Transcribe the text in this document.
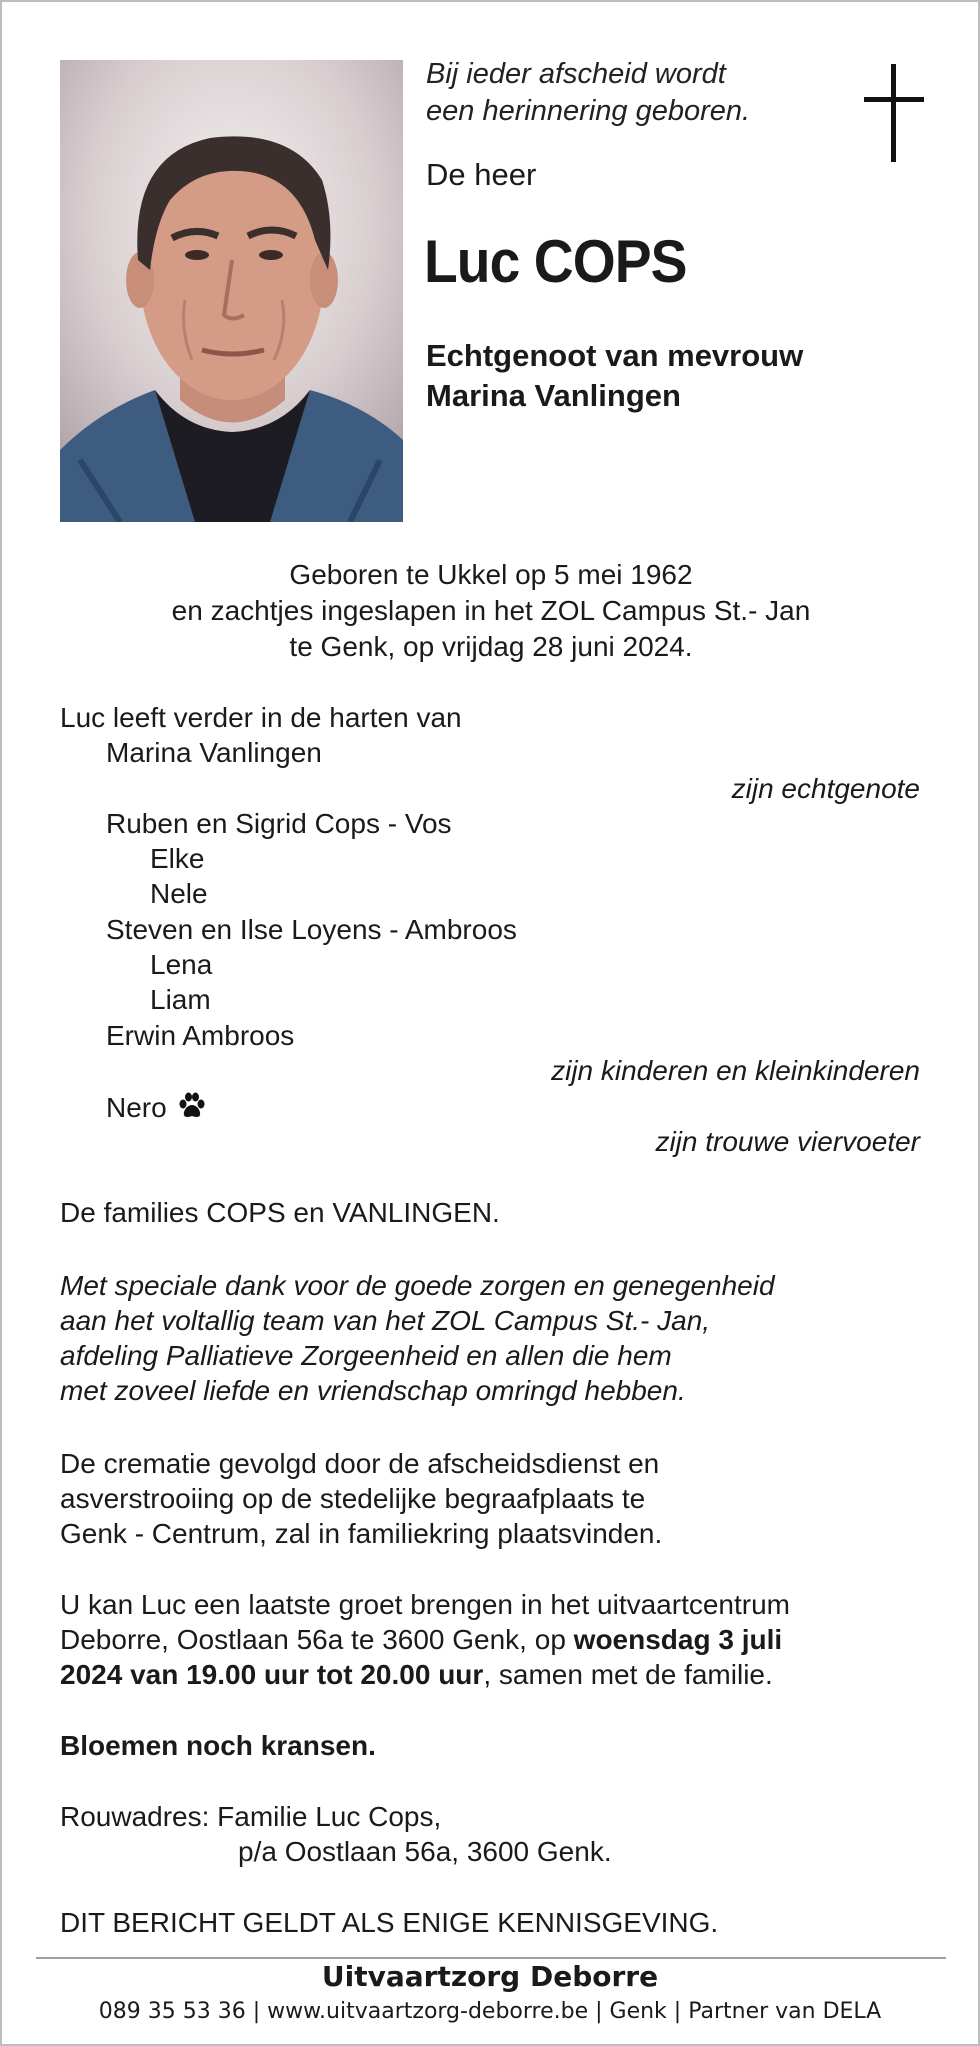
Bij ieder afscheid wordt
een herinnering geboren.
De heer
Luc COPS
Echtgenoot van mevrouw
Marina Vanlingen
Geboren te Ukkel op 5 mei 1962
en zachtjes ingeslapen in het ZOL Campus St.- Jan
te Genk, op vrijdag 28 juni 2024.
Luc leeft verder in de harten van
Marina Vanlingen
zijn echtgenote
Ruben en Sigrid Cops - Vos
Elke
Nele
Steven en Ilse Loyens - Ambroos
Lena
Liam
Erwin Ambroos
zijn kinderen en kleinkinderen
Nero
zijn trouwe viervoeter
De families COPS en VANLINGEN.
Met speciale dank voor de goede zorgen en genegenheid
aan het voltallig team van het ZOL Campus St.- Jan,
afdeling Palliatieve Zorgeenheid en allen die hem
met zoveel liefde en vriendschap omringd hebben.
De crematie gevolgd door de afscheidsdienst en
asverstrooiing op de stedelijke begraafplaats te
Genk - Centrum, zal in familiekring plaatsvinden.
U kan Luc een laatste groet brengen in het uitvaartcentrum
Deborre, Oostlaan 56a te 3600 Genk, op woensdag 3 juli
2024 van 19.00 uur tot 20.00 uur, samen met de familie.
Bloemen noch kransen.
Rouwadres: Familie Luc Cops,
p/a Oostlaan 56a, 3600 Genk.
DIT BERICHT GELDT ALS ENIGE KENNISGEVING.
Uitvaartzorg Deborre
089 35 53 36 | www.uitvaartzorg-deborre.be | Genk | Partner van DELA
